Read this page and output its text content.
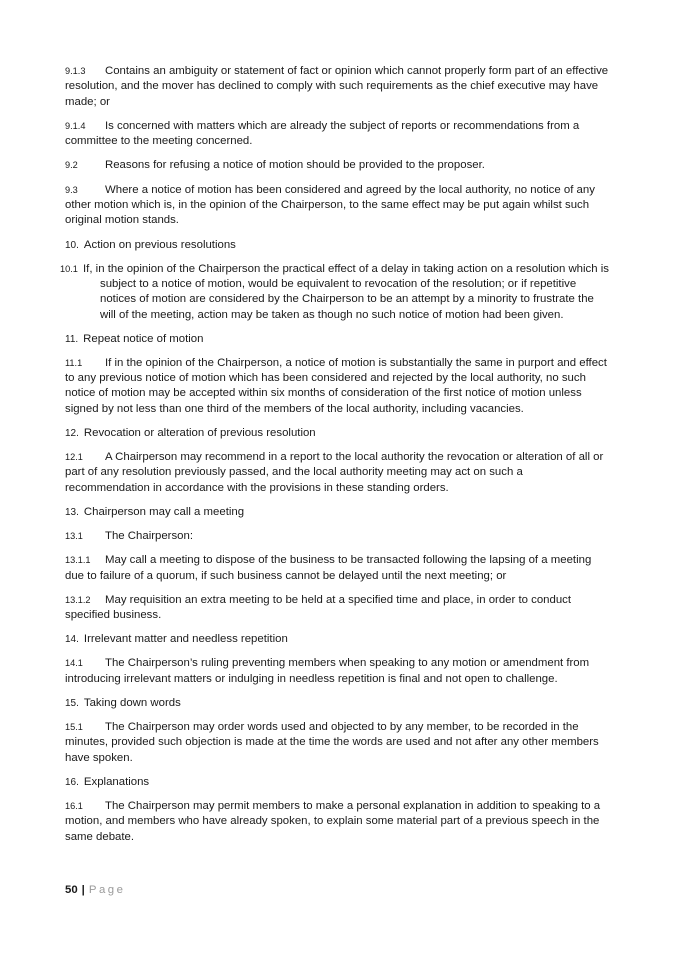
9.1.3 Contains an ambiguity or statement of fact or opinion which cannot properly form part of an effective resolution, and the mover has declined to comply with such requirements as the chief executive may have made; or

9.1.4 Is concerned with matters which are already the subject of reports or recommendations from a committee to the meeting concerned.

9.2 Reasons for refusing a notice of motion should be provided to the proposer.

9.3 Where a notice of motion has been considered and agreed by the local authority, no notice of any other motion which is, in the opinion of the Chairperson, to the same effect may be put again whilst such original motion stands.

10. Action on previous resolutions

10.1 If, in the opinion of the Chairperson the practical effect of a delay in taking action on a resolution which is subject to a notice of motion, would be equivalent to revocation of the resolution; or if repetitive notices of motion are considered by the Chairperson to be an attempt by a minority to frustrate the will of the meeting, action may be taken as though no such notice of motion had been given.

11. Repeat notice of motion

11.1 If in the opinion of the Chairperson, a notice of motion is substantially the same in purport and effect to any previous notice of motion which has been considered and rejected by the local authority, no such notice of motion may be accepted within six months of consideration of the first notice of motion unless signed by not less than one third of the members of the local authority, including vacancies.

12. Revocation or alteration of previous resolution

12.1 A Chairperson may recommend in a report to the local authority the revocation or alteration of all or part of any resolution previously passed, and the local authority meeting may act on such a recommendation in accordance with the provisions in these standing orders.

13. Chairperson may call a meeting

13.1 The Chairperson:

13.1.1 May call a meeting to dispose of the business to be transacted following the lapsing of a meeting due to failure of a quorum, if such business cannot be delayed until the next meeting; or

13.1.2 May requisition an extra meeting to be held at a specified time and place, in order to conduct specified business.

14. Irrelevant matter and needless repetition

14.1 The Chairperson’s ruling preventing members when speaking to any motion or amendment from introducing irrelevant matters or indulging in needless repetition is final and not open to challenge.

15. Taking down words

15.1 The Chairperson may order words used and objected to by any member, to be recorded in the minutes, provided such objection is made at the time the words are used and not after any other members have spoken.

16. Explanations

16.1 The Chairperson may permit members to make a personal explanation in addition to speaking to a motion, and members who have already spoken, to explain some material part of a previous speech in the same debate.

50 | Page
